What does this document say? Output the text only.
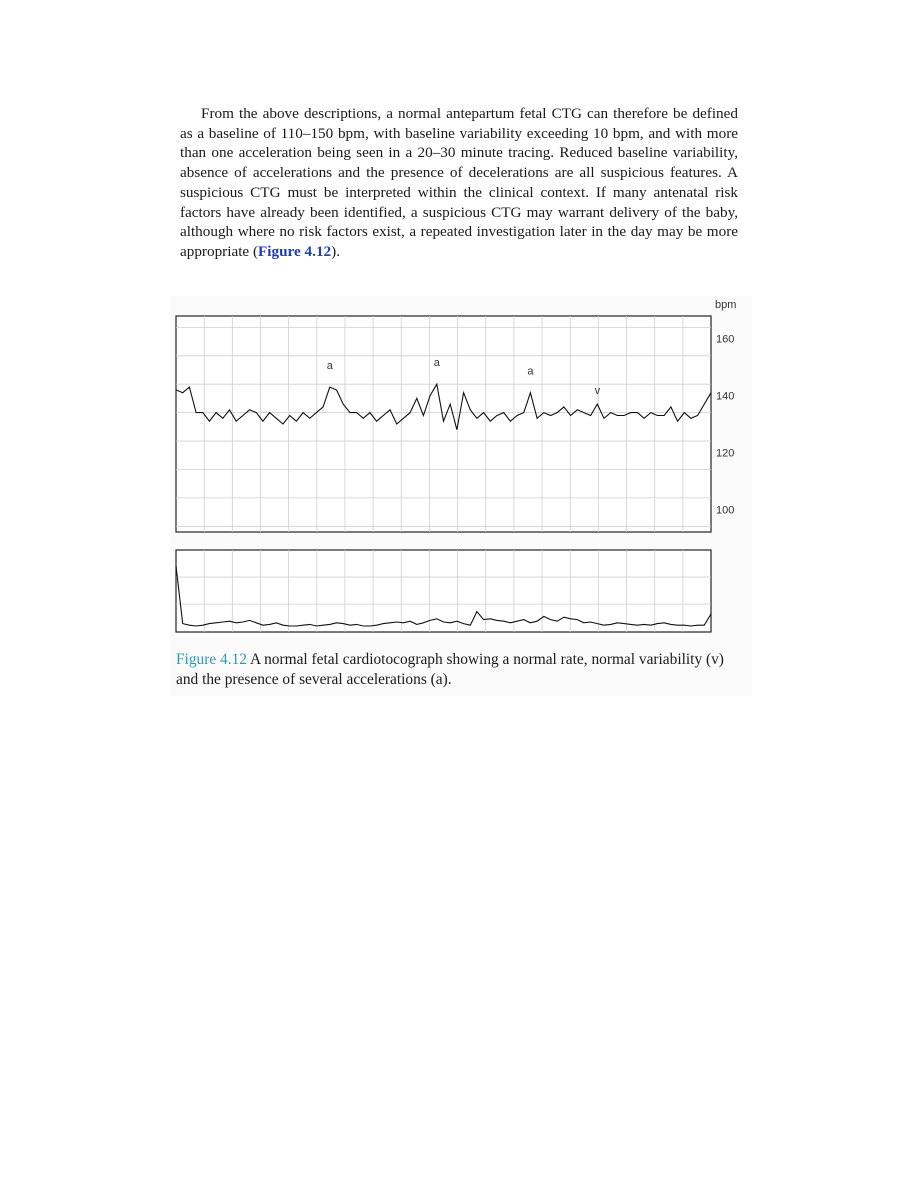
From the above descriptions, a normal antepartum fetal CTG can therefore be defined as a baseline of 110–150 bpm, with baseline variability exceeding 10 bpm, and with more than one acceleration being seen in a 20–30 minute tracing. Reduced baseline variability, absence of accelerations and the presence of decelerations are all suspicious features. A suspicious CTG must be interpreted within the clinical context. If many antenatal risk factors have already been identified, a suspicious CTG may warrant delivery of the baby, although where no risk factors exist, a repeated investigation later in the day may be more appropriate (Figure 4.12).

bpm
160
140
120
100
a	a
a
v

Figure 4.12 A normal fetal cardiotocograph showing a normal rate, normal variability (v) and the presence of several accelerations (a).
